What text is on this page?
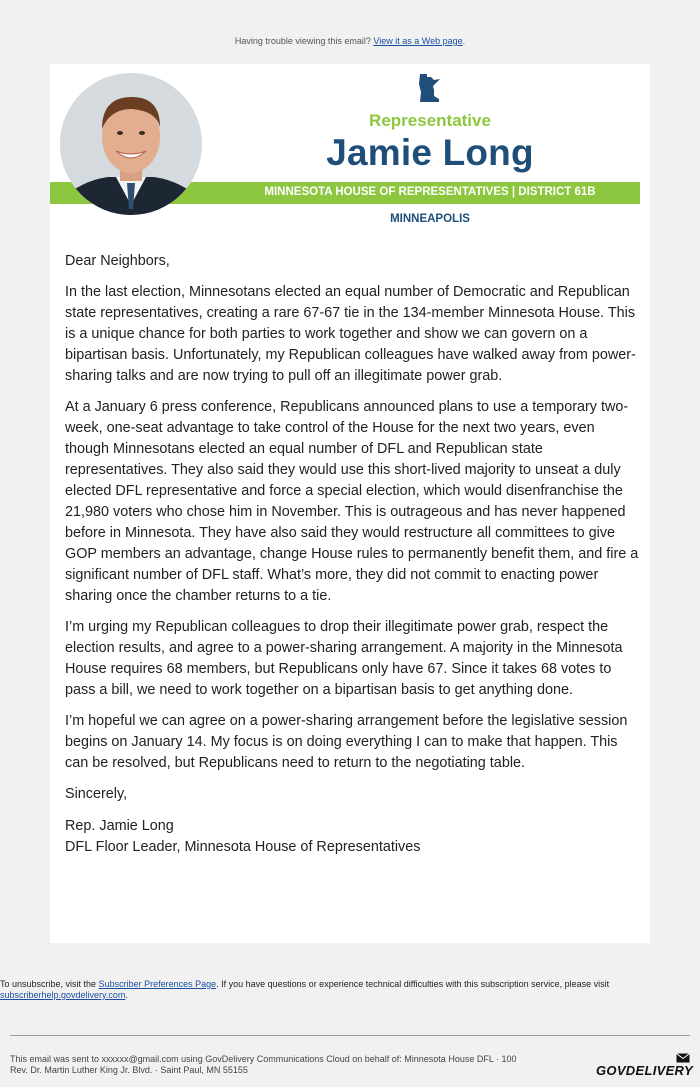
Having trouble viewing this email? View it as a Web page.
Representative
Jamie Long
MINNESOTA HOUSE OF REPRESENTATIVES | DISTRICT 61B
MINNEAPOLIS

Dear Neighbors,

In the last election, Minnesotans elected an equal number of Democratic and Republican state representatives, creating a rare 67-67 tie in the 134-member Minnesota House. This is a unique chance for both parties to work together and show we can govern on a bipartisan basis. Unfortunately, my Republican colleagues have walked away from power-sharing talks and are now trying to pull off an illegitimate power grab.

At a January 6 press conference, Republicans announced plans to use a temporary two-week, one-seat advantage to take control of the House for the next two years, even though Minnesotans elected an equal number of DFL and Republican state representatives. They also said they would use this short-lived majority to unseat a duly elected DFL representative and force a special election, which would disenfranchise the 21,980 voters who chose him in November. This is outrageous and has never happened before in Minnesota. They have also said they would restructure all committees to give GOP members an advantage, change House rules to permanently benefit them, and fire a significant number of DFL staff. What’s more, they did not commit to enacting power sharing once the chamber returns to a tie.

I’m urging my Republican colleagues to drop their illegitimate power grab, respect the election results, and agree to a power-sharing arrangement. A majority in the Minnesota House requires 68 members, but Republicans only have 67. Since it takes 68 votes to pass a bill, we need to work together on a bipartisan basis to get anything done.

I’m hopeful we can agree on a power-sharing arrangement before the legislative session begins on January 14. My focus is on doing everything I can to make that happen. This can be resolved, but Republicans need to return to the negotiating table.

Sincerely,

Rep. Jamie Long
DFL Floor Leader, Minnesota House of Representatives
To unsubscribe, visit the Subscriber Preferences Page. If you have questions or experience technical difficulties with this subscription service, please visit subscriberhelp.govdelivery.com.
This email was sent to xxxxxx@gmail.com using GovDelivery Communications Cloud on behalf of: Minnesota House DFL · 100
Rev. Dr. Martin Luther King Jr. Blvd. · Saint Paul, MN 55155	GOVDELIVERY
